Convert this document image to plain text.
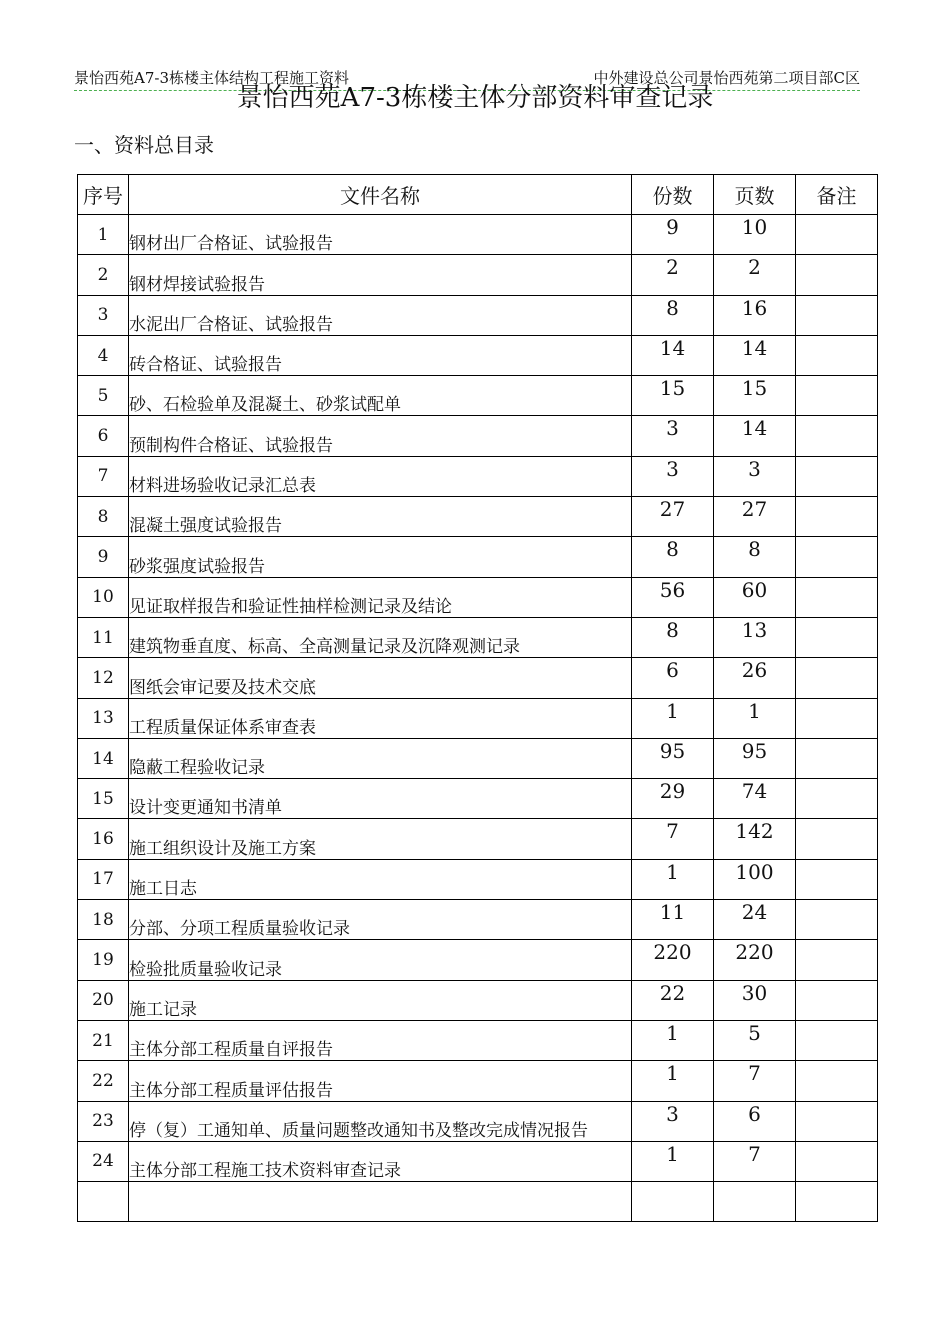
景怡西苑A7-3栋楼主体结构工程施工资料	中外建设总公司景怡西苑第二项目部C区
景怡西苑A7-3栋楼主体分部资料审查记录
一、资料总目录
序号	文件名称	份数	页数	备注
1	钢材出厂合格证、试验报告	9	10	
2	钢材焊接试验报告	2	2	
3	水泥出厂合格证、试验报告	8	16	
4	砖合格证、试验报告	14	14	
5	砂、石检验单及混凝土、砂浆试配单	15	15	
6	预制构件合格证、试验报告	3	14	
7	材料进场验收记录汇总表	3	3	
8	混凝土强度试验报告	27	27	
9	砂浆强度试验报告	8	8	
10	见证取样报告和验证性抽样检测记录及结论	56	60	
11	建筑物垂直度、标高、全高测量记录及沉降观测记录	8	13	
12	图纸会审记要及技术交底	6	26	
13	工程质量保证体系审查表	1	1	
14	隐蔽工程验收记录	95	95	
15	设计变更通知书清单	29	74	
16	施工组织设计及施工方案	7	142	
17	施工日志	1	100	
18	分部、分项工程质量验收记录	11	24	
19	检验批质量验收记录	220	220	
20	施工记录	22	30	
21	主体分部工程质量自评报告	1	5	
22	主体分部工程质量评估报告	1	7	
23	停（复）工通知单、质量问题整改通知书及整改完成情况报告	3	6	
24	主体分部工程施工技术资料审查记录	1	7	
